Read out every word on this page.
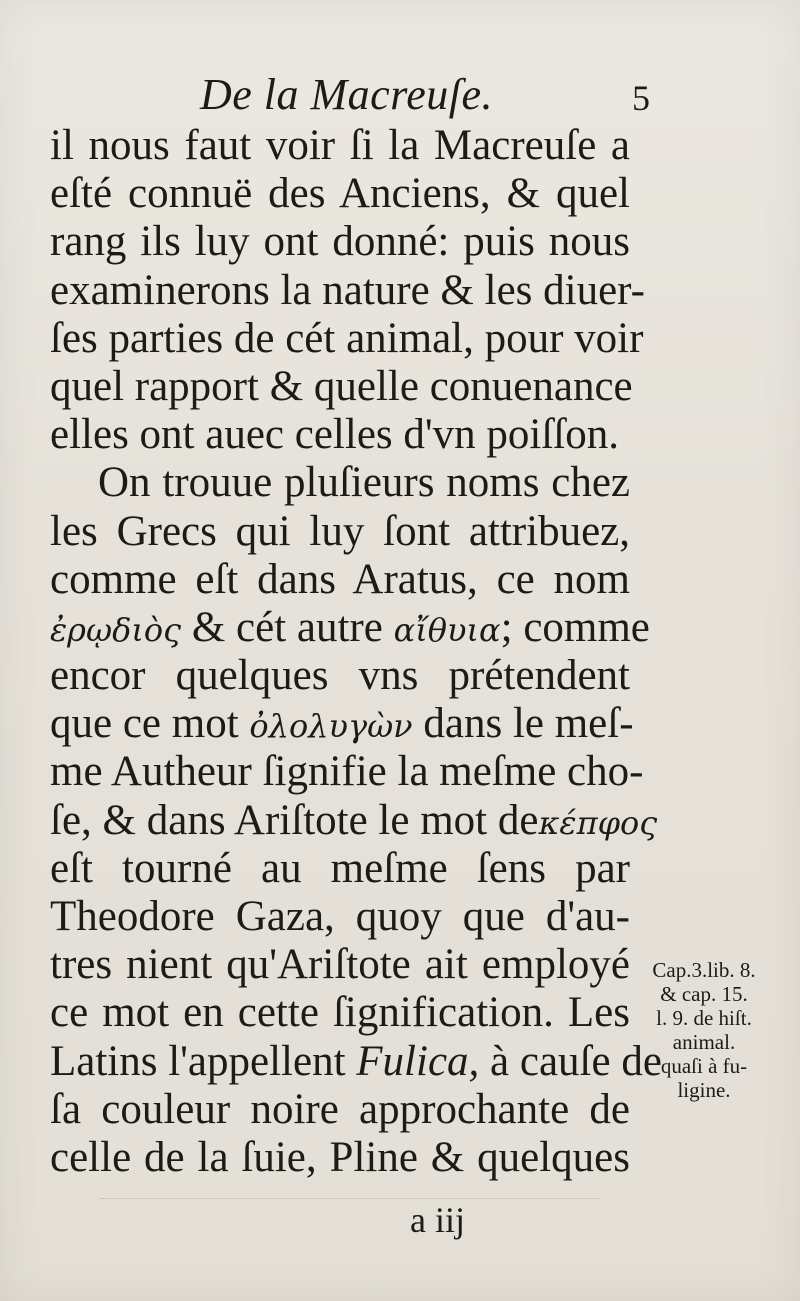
De la Macreuſe.	5
il nous faut voir ſi la Macreuſe a
eſté connuë des Anciens, & quel
rang ils luy ont donné: puis nous
examinerons la nature & les diuer-
ſes parties de cét animal, pour voir
quel rapport & quelle conuenance
elles ont auec celles d'vn poiſſon.
On trouue pluſieurs noms chez
les Grecs qui luy ſont attribuez,
comme eſt dans Aratus, ce nom
ἐρῳδιὸς & cét autre αἴθυια; comme
encor quelques vns prétendent
que ce mot ὀλολυγὼν dans le meſ-
me Autheur ſignifie la meſme cho-
ſe, & dans Ariſtote le mot deκέπφος
eſt tourné au meſme ſens par
Theodore Gaza, quoy que d'au-
tres nient qu'Ariſtote ait employé
ce mot en cette ſignification. Les
Latins l'appellent Fulica, à cauſe de
ſa couleur noire approchante de
celle de la ſuie, Pline & quelques
Cap.3.lib. 8.
& cap. 15.
l. 9. de hiſt.
animal.
quaſi à fu-
ligine.
a iij
